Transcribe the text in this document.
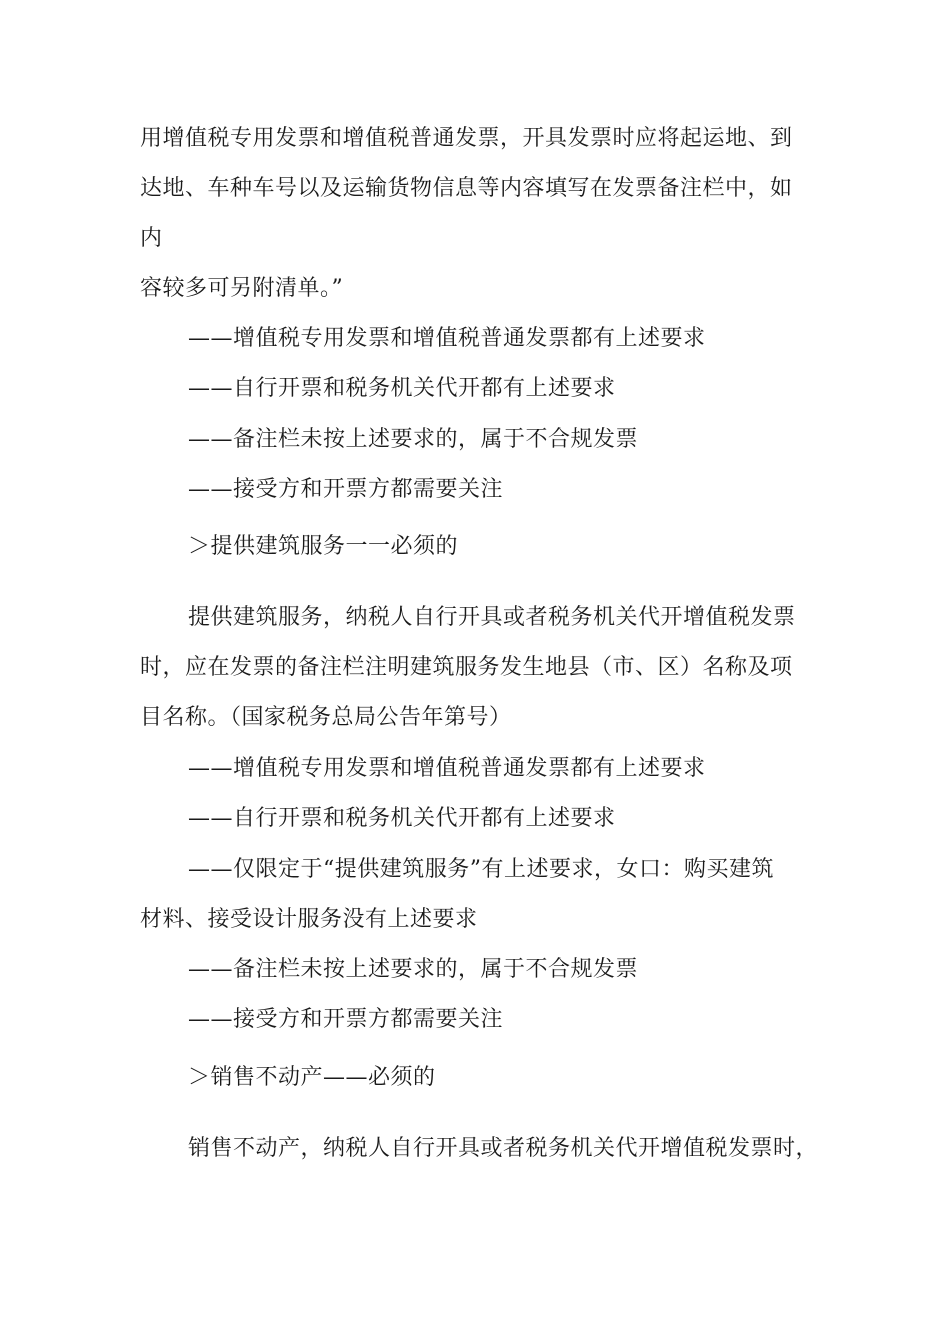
用增值税专用发票和增值税普通发票，开具发票时应将起运地、到
达地、车种车号以及运输货物信息等内容填写在发票备注栏中，如
内
容较多可另附清单。”
——增值税专用发票和增值税普通发票都有上述要求
——自行开票和税务机关代开都有上述要求
——备注栏未按上述要求的，属于不合规发票
——接受方和开票方都需要关注
＞提供建筑服务一一必须的
提供建筑服务，纳税人自行开具或者税务机关代开增值税发票
时，应在发票的备注栏注明建筑服务发生地县（市、区）名称及项
目名称。（国家税务总局公告年第号）
——增值税专用发票和增值税普通发票都有上述要求
——自行开票和税务机关代开都有上述要求
——仅限定于“提供建筑服务”有上述要求，女口：购买建筑
材料、接受设计服务没有上述要求
——备注栏未按上述要求的，属于不合规发票
——接受方和开票方都需要关注
＞销售不动产——必须的
销售不动产，纳税人自行开具或者税务机关代开增值税发票时，
